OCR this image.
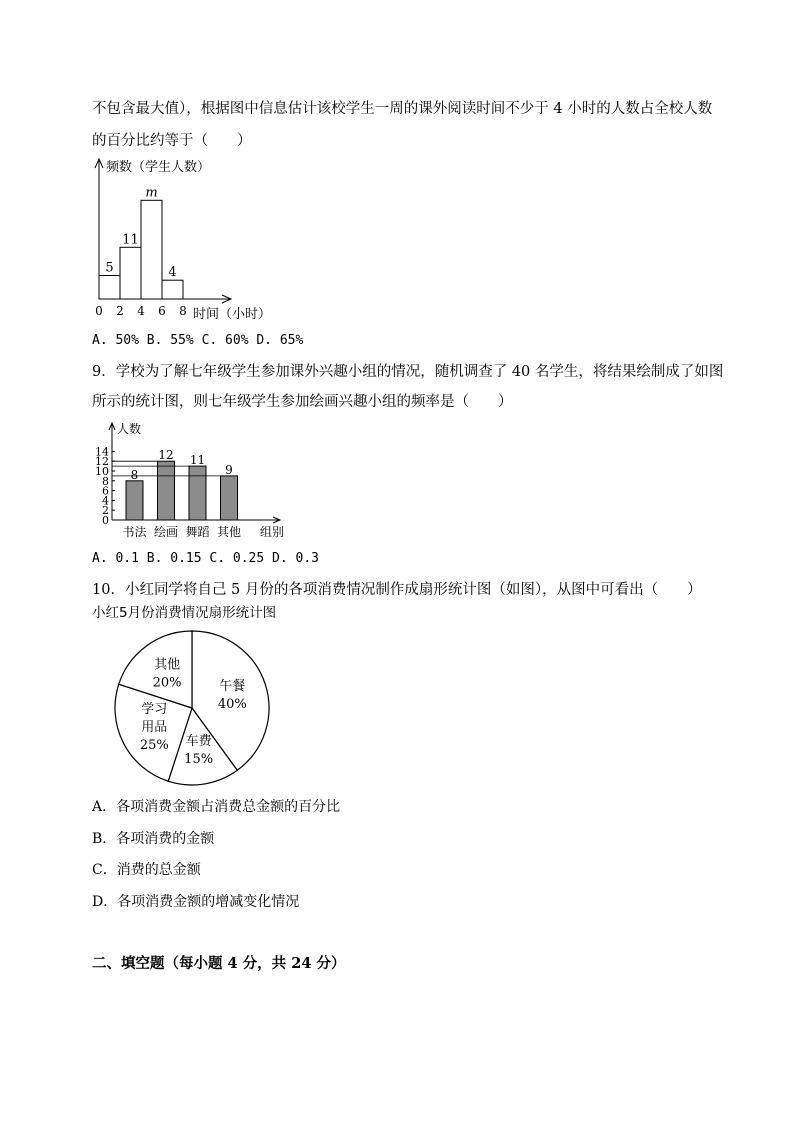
不包含最大值），根据图中信息估计该校学生一周的课外阅读时间不少于 4 小时的人数占全校人数
的百分比约等于（　　）
频数（学生人数）
时间（小时）
0 2 4 6 8
5
11
m
4
A. 50% B. 55% C. 60% D. 65%
9．学校为了解七年级学生参加课外兴趣小组的情况，随机调查了 40 名学生，将结果绘制成了如图
所示的统计图，则七年级学生参加绘画兴趣小组的频率是（　　）
人数
组别
0
2
4
6
8
10
12
14
8
书法
12
绘画
11
舞蹈
9
其他
A. 0.1 B. 0.15 C. 0.25 D. 0.3
10．小红同学将自己 5 月份的各项消费情况制作成扇形统计图（如图），从图中可看出（　　）
小红5月份消费情况扇形统计图
午餐
40%
车费
15%
学习
用品
25%
其他
20%
A．各项消费金额占消费总金额的百分比
B．各项消费的金额
C．消费的总金额
D．各项消费金额的增减变化情况
二、填空题（每小题 4 分，共 24 分）
